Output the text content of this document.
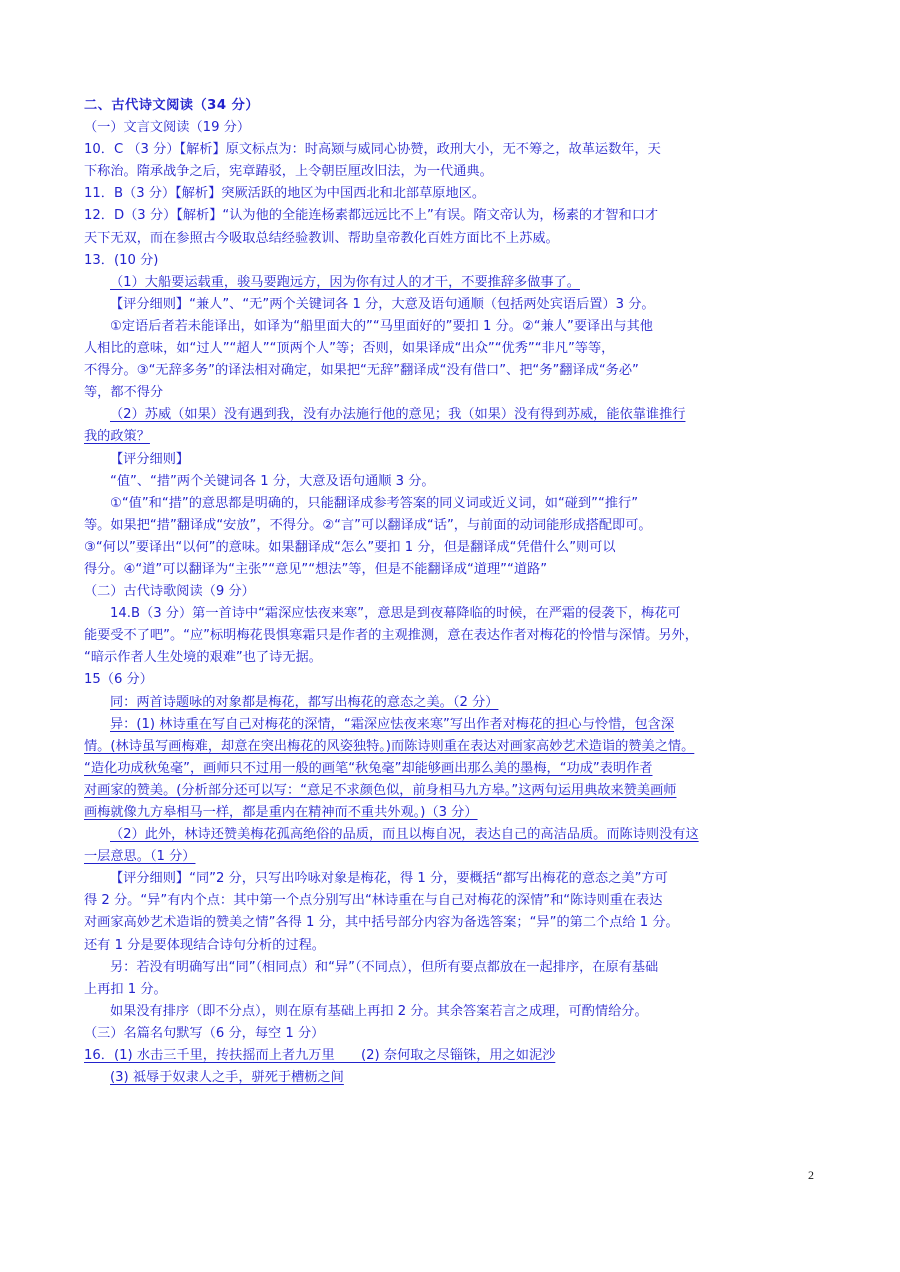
二、古代诗文阅读（34 分）

（一）文言文阅读（19 分）

10．C （3 分）【解析】原文标点为：时高颎与威同心协赞，政刑大小，无不筹之，故革运数年，天

下称治。隋承战争之后，宪章踳驳，上令朝臣厘改旧法，为一代通典。

11．B（3 分）【解析】突厥活跃的地区为中国西北和北部草原地区。

12．D（3 分）【解析】“认为他的全能连杨素都远远比不上”有误。隋文帝认为，杨素的才智和口才

天下无双，而在参照古今吸取总结经验教训、帮助皇帝教化百姓方面比不上苏威。

13．(10 分)

（1）大船要运载重，骏马要跑远方，因为你有过人的才干，不要推辞多做事了。

【评分细则】“兼人”、“无”两个关键词各 1 分，大意及语句通顺（包括两处宾语后置）3 分。

①定语后者若未能译出，如译为“船里面大的”“马里面好的”要扣 1 分。②“兼人”要译出与其他

人相比的意味，如“过人”“超人”“顶两个人”等；否则，如果译成“出众”“优秀”“非凡”等等，

不得分。③“无辞多务”的译法相对确定，如果把“无辞”翻译成“没有借口”、把“务”翻译成“务必”

等，都不得分

（2）苏威（如果）没有遇到我，没有办法施行他的意见；我（如果）没有得到苏威，能依靠谁推行

我的政策？

【评分细则】

“值”、“措”两个关键词各 1 分，大意及语句通顺 3 分。

①“值”和“措”的意思都是明确的，只能翻译成参考答案的同义词或近义词，如“碰到”“推行”

等。如果把“措”翻译成“安放”，不得分。②“言”可以翻译成“话”，与前面的动词能形成搭配即可。

③“何以”要译出“以何”的意味。如果翻译成“怎么”要扣 1 分，但是翻译成“凭借什么”则可以

得分。④“道”可以翻译为“主张”“意见”“想法”等，但是不能翻译成“道理”“道路”

（二）古代诗歌阅读（9 分）

14.B（3 分）第一首诗中“霜深应怯夜来寒”，意思是到夜幕降临的时候，在严霜的侵袭下，梅花可

能要受不了吧”。“应”标明梅花畏惧寒霜只是作者的主观推测，意在表达作者对梅花的怜惜与深情。另外，

“暗示作者人生处境的艰难”也了诗无据。

15（6 分）

同：两首诗题咏的对象都是梅花，都写出梅花的意态之美。（2 分）

异：(1) 林诗重在写自己对梅花的深情，“霜深应怯夜来寒”写出作者对梅花的担心与怜惜，包含深

情。(林诗虽写画梅难，却意在突出梅花的风姿独特。)而陈诗则重在表达对画家高妙艺术造诣的赞美之情。

“造化功成秋兔毫”，画师只不过用一般的画笔“秋兔毫”却能够画出那么美的墨梅，“功成”表明作者

对画家的赞美。(分析部分还可以写：“意足不求颜色似，前身相马九方皋。”这两句运用典故来赞美画师

画梅就像九方皋相马一样，都是重内在精神而不重共外观。)（3 分）

（2）此外，林诗还赞美梅花孤高绝俗的品质，而且以梅自况，表达自己的高洁品质。而陈诗则没有这

一层意思。（1 分）

【评分细则】“同”2 分，只写出吟咏对象是梅花，得 1 分，要概括“都写出梅花的意态之美”方可

得 2 分。“异”有内个点：其中第一个点分别写出“林诗重在与自己对梅花的深情”和“陈诗则重在表达

对画家高妙艺术造诣的赞美之情”各得 1 分，其中括号部分内容为备选答案；“异”的第二个点给 1 分。

还有 1 分是要体现结合诗句分析的过程。

另：若没有明确写出“同”（相同点）和“异”（不同点），但所有要点都放在一起排序，在原有基础

上再扣 1 分。

如果没有排序（即不分点），则在原有基础上再扣 2 分。其余答案若言之成理，可酌情给分。

（三）名篇名句默写（6 分，每空 1 分）

16．(1) 水击三千里，抟扶摇而上者九万里　　(2) 奈何取之尽锱铢，用之如泥沙

(3) 祗辱于奴隶人之手，骈死于槽枥之间

2
